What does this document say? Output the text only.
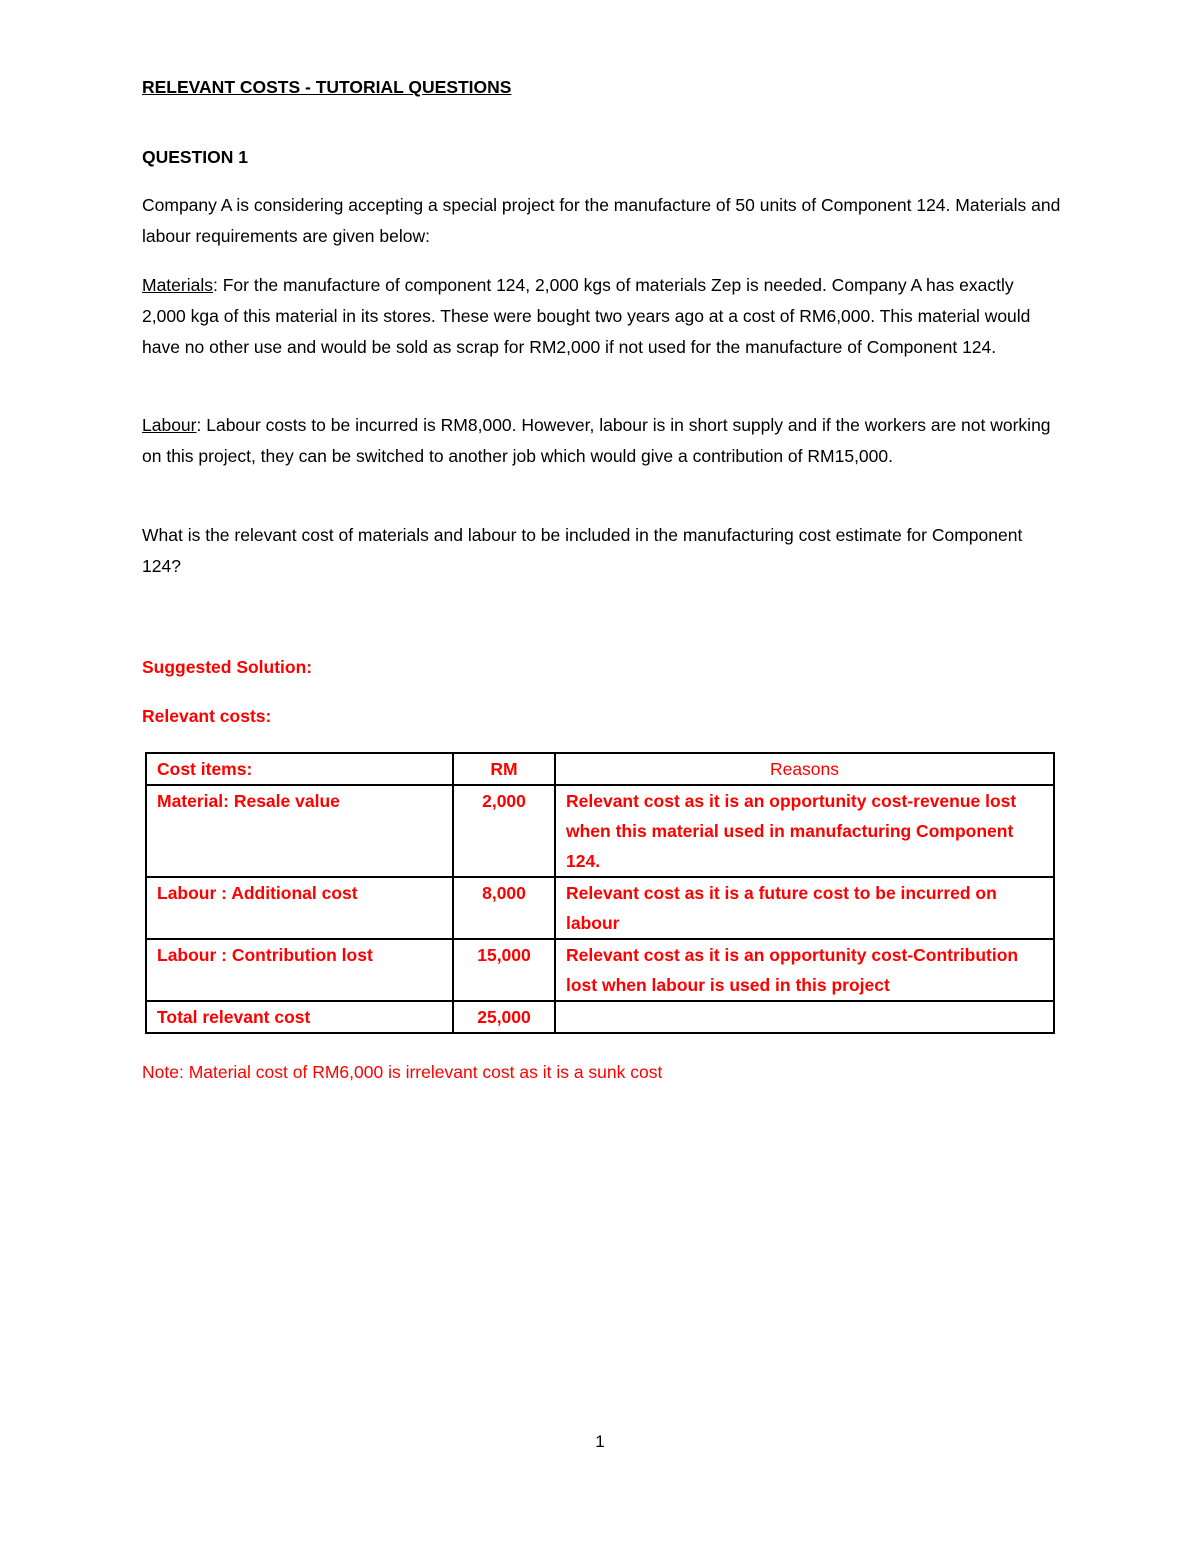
RELEVANT COSTS - TUTORIAL QUESTIONS

QUESTION 1

Company A is considering accepting a special project for the manufacture of 50 units of Component 124. Materials and labour requirements are given below:

Materials: For the manufacture of component 124, 2,000 kgs of materials Zep is needed. Company A has exactly 2,000 kga of this material in its stores. These were bought two years ago at a cost of RM6,000. This material would have no other use and would be sold as scrap for RM2,000 if not used for the manufacture of Component 124.

Labour: Labour costs to be incurred is RM8,000. However, labour is in short supply and if the workers are not working on this project, they can be switched to another job which would give a contribution of RM15,000.

What is the relevant cost of materials and labour to be included in the manufacturing cost estimate for Component 124?

Suggested Solution:

Relevant costs:

Cost items:	RM	Reasons
Material: Resale value	2,000	Relevant cost as it is an opportunity cost-revenue lost when this material used in manufacturing Component 124.
Labour : Additional cost	8,000	Relevant cost as it is a future cost to be incurred on labour
Labour : Contribution lost	15,000	Relevant cost as it is an opportunity cost-Contribution lost when labour is used in this project
Total relevant cost	25,000	

Note: Material cost of RM6,000 is irrelevant cost as it is a sunk cost

1
